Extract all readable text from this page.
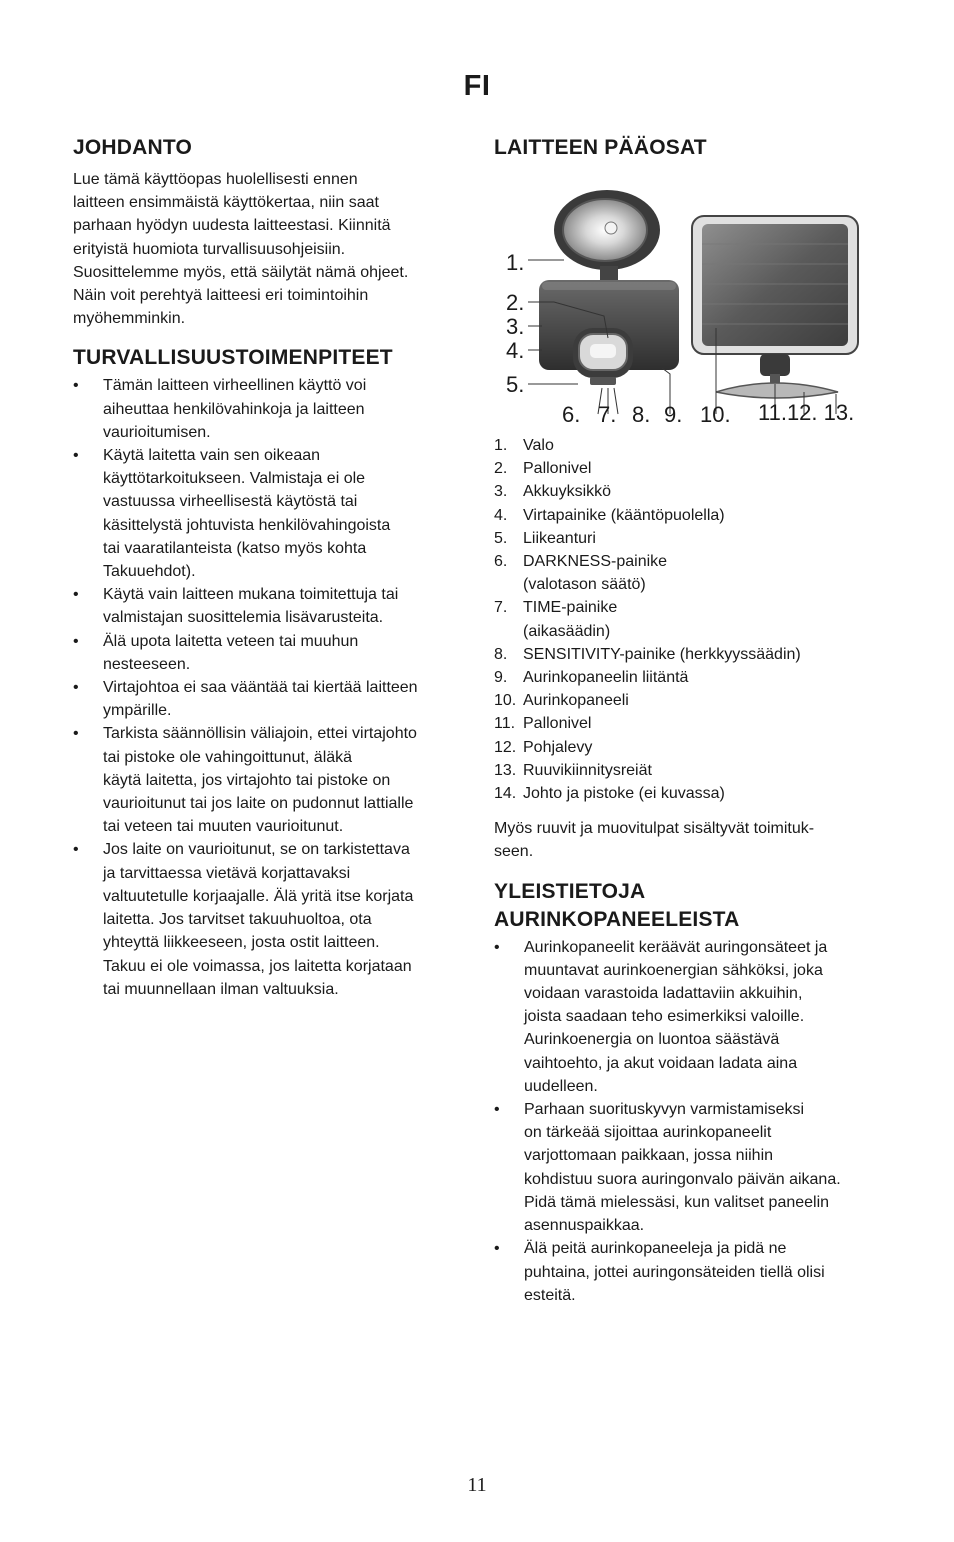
FI
JOHDANTO

Lue tämä käyttöopas huolellisesti ennen
laitteen ensimmäistä käyttökertaa, niin saat
parhaan hyödyn uudesta laitteestasi. Kiinnitä
erityistä huomiota turvallisuusohjeisiin.
Suosittelemme myös, että säilytät nämä ohjeet.
Näin voit perehtyä laitteesi eri toimintoihin
myöhemminkin.

TURVALLISUUSTOIMENPITEET
• Tämän laitteen virheellinen käyttö voi
aiheuttaa henkilövahinkoja ja laitteen
vaurioitumisen.
• Käytä laitetta vain sen oikeaan
käyttötarkoitukseen. Valmistaja ei ole
vastuussa virheellisestä käytöstä tai
käsittelystä johtuvista henkilövahingoista
tai vaaratilanteista (katso myös kohta
Takuuehdot).
• Käytä vain laitteen mukana toimitettuja tai
valmistajan suosittelemia lisävarusteita.
• Älä upota laitetta veteen tai muuhun
nesteeseen.
• Virtajohtoa ei saa vääntää tai kiertää laitteen
ympärille.
• Tarkista säännöllisin väliajoin, ettei virtajohto
tai pistoke ole vahingoittunut, äläkä
käytä laitetta, jos virtajohto tai pistoke on
vaurioitunut tai jos laite on pudonnut lattialle
tai veteen tai muuten vaurioitunut.
• Jos laite on vaurioitunut, se on tarkistettava
ja tarvittaessa vietävä korjattavaksi
valtuutetulle korjaajalle. Älä yritä itse korjata
laitetta. Jos tarvitset takuuhuoltoa, ota
yhteyttä liikkeeseen, josta ostit laitteen.
Takuu ei ole voimassa, jos laitetta korjataan
tai muunnellaan ilman valtuuksia.
LAITTEEN PÄÄOSAT
1.
2.
3.
4.
5.
6. 7. 8. 9. 10. 11.12. 13.
1. Valo
2. Pallonivel
3. Akkuyksikkö
4. Virtapainike (kääntöpuolella)
5. Liikeanturi
6. DARKNESS-painike
(valotason säätö)
7. TIME-painike
(aikasäädin)
8. SENSITIVITY-painike (herkkyyssäädin)
9. Aurinkopaneelin liitäntä
10. Aurinkopaneeli
11. Pallonivel
12. Pohjalevy
13. Ruuvikiinnitysreiät
14. Johto ja pistoke (ei kuvassa)

Myös ruuvit ja muovitulpat sisältyvät toimituk-
seen.

YLEISTIETOJA
AURINKOPANEELEISTA
• Aurinkopaneelit keräävät auringonsäteet ja
muuntavat aurinkoenergian sähköksi, joka
voidaan varastoida ladattaviin akkuihin,
joista saadaan teho esimerkiksi valoille.
Aurinkoenergia on luontoa säästävä
vaihtoehto, ja akut voidaan ladata aina
uudelleen.
• Parhaan suorituskyvyn varmistamiseksi
on tärkeää sijoittaa aurinkopaneelit
varjottomaan paikkaan, jossa niihin
kohdistuu suora auringonvalo päivän aikana.
Pidä tämä mielessäsi, kun valitset paneelin
asennuspaikkaa.
• Älä peitä aurinkopaneeleja ja pidä ne
puhtaina, jottei auringonsäteiden tiellä olisi
esteitä.
11
